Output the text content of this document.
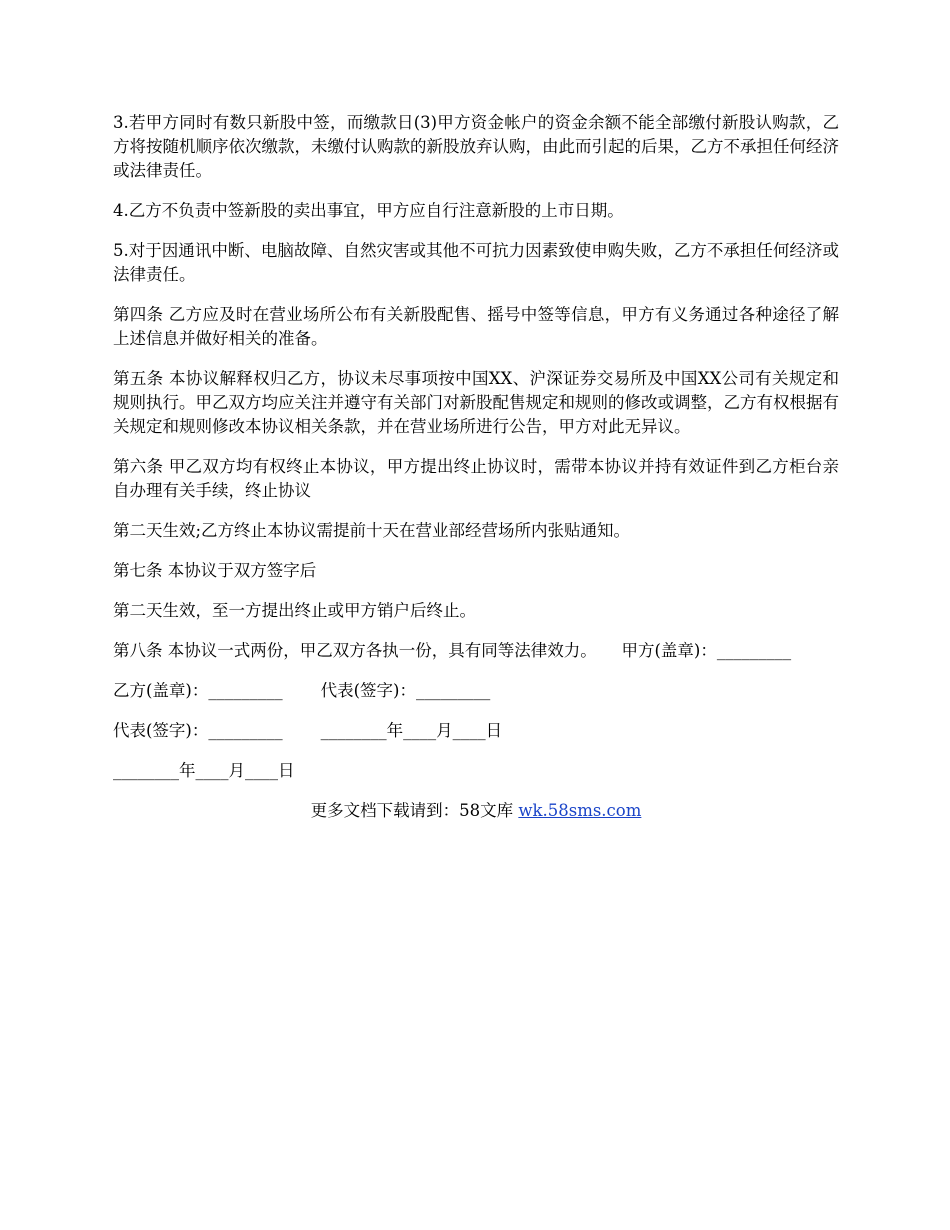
3.若甲方同时有数只新股中签，而缴款日(3)甲方资金帐户的资金余额不能全部缴付新股认购款，乙方将按随机顺序依次缴款，未缴付认购款的新股放弃认购，由此而引起的后果，乙方不承担任何经济或法律责任。

4.乙方不负责中签新股的卖出事宜，甲方应自行注意新股的上市日期。

5.对于因通讯中断、电脑故障、自然灾害或其他不可抗力因素致使申购失败，乙方不承担任何经济或法律责任。

第四条 乙方应及时在营业场所公布有关新股配售、摇号中签等信息，甲方有义务通过各种途径了解上述信息并做好相关的准备。

第五条 本协议解释权归乙方，协议未尽事项按中国XX、沪深证券交易所及中国XX公司有关规定和规则执行。甲乙双方均应关注并遵守有关部门对新股配售规定和规则的修改或调整，乙方有权根据有关规定和规则修改本协议相关条款，并在营业场所进行公告，甲方对此无异议。

第六条 甲乙双方均有权终止本协议，甲方提出终止协议时，需带本协议并持有效证件到乙方柜台亲自办理有关手续，终止协议

第二天生效;乙方终止本协议需提前十天在营业部经营场所内张贴通知。

第七条 本协议于双方签字后

第二天生效，至一方提出终止或甲方销户后终止。

第八条 本协议一式两份，甲乙双方各执一份，具有同等法律效力。　　甲方(盖章)：_________

乙方(盖章)：_________ 代表(签字)：_________
代表(签字)：_________ ________年____月____日
________年____月____日
更多文档下载请到：58文库 wk.58sms.com
